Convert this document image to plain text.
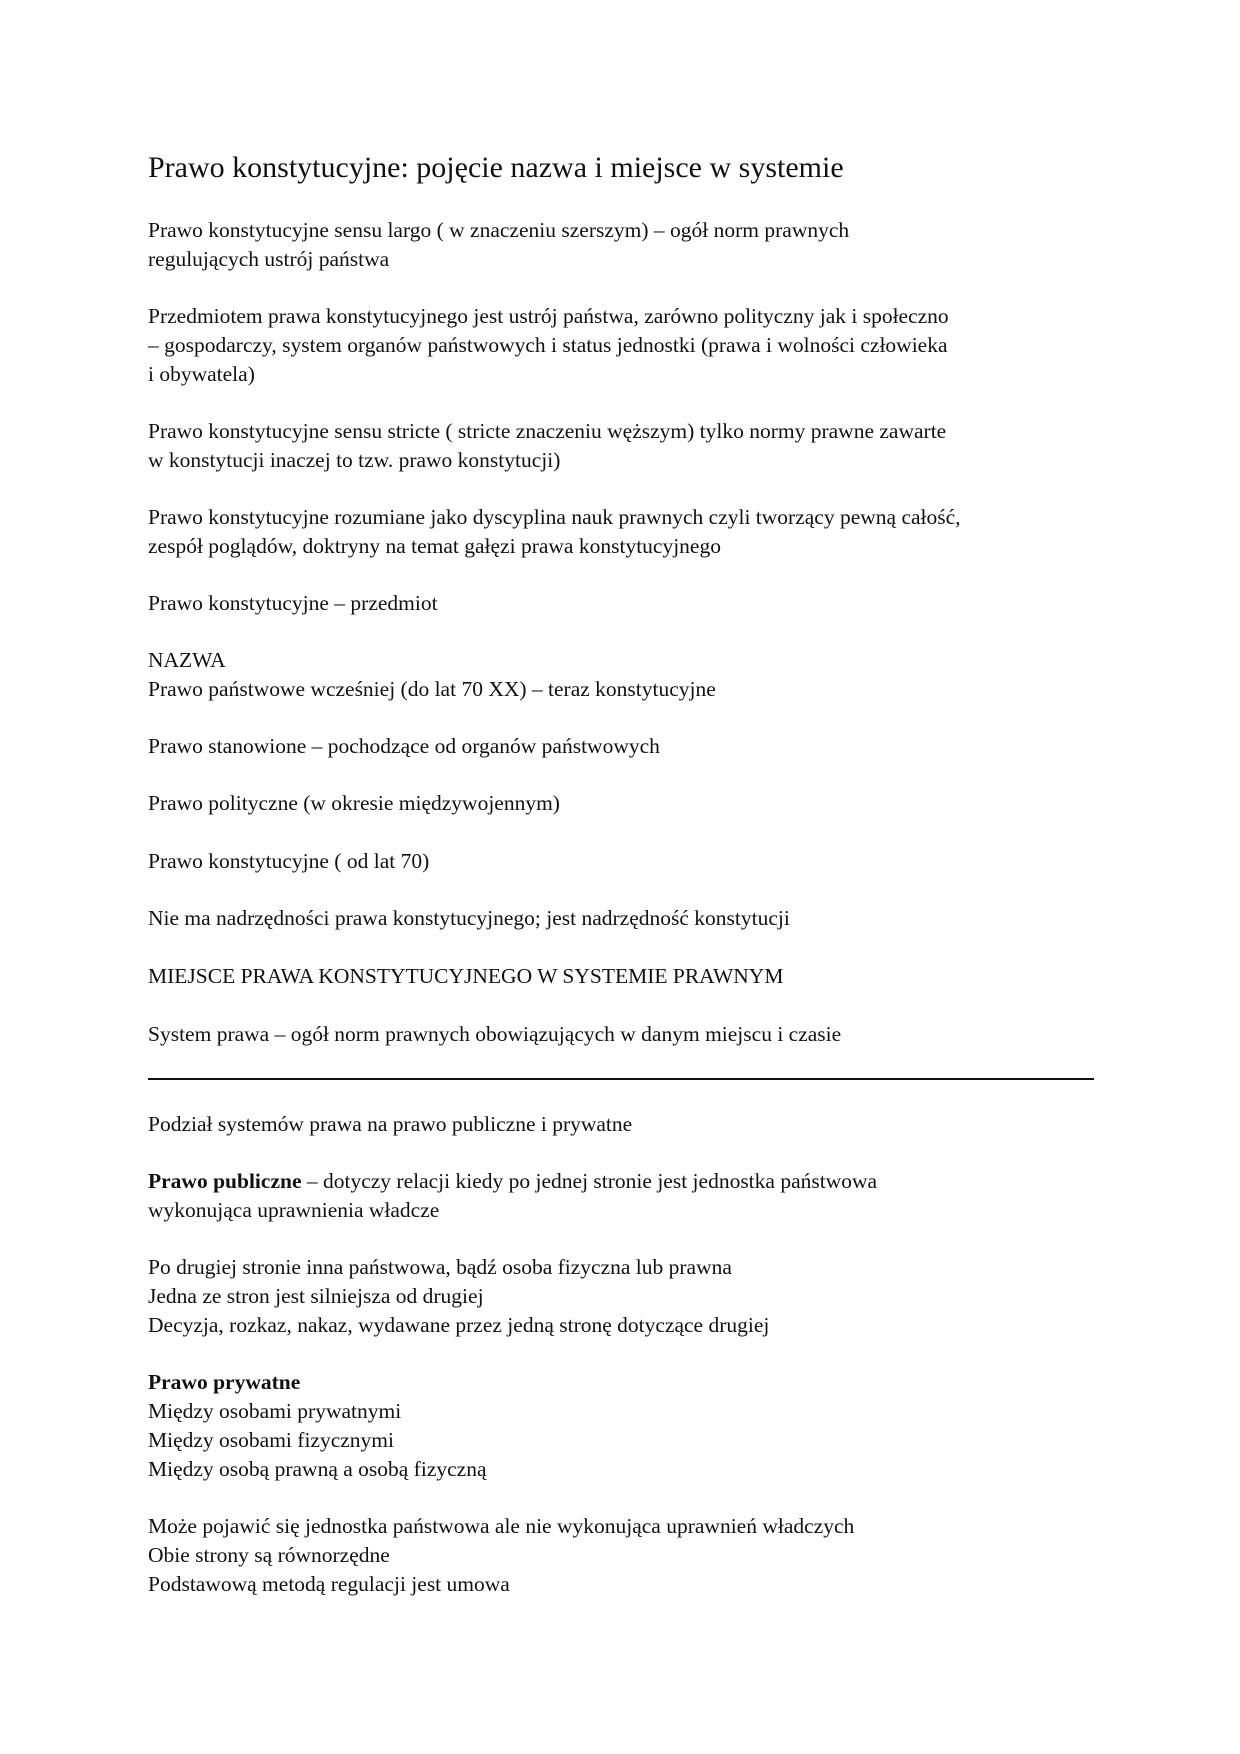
Prawo konstytucyjne: pojęcie nazwa i miejsce w systemie

Prawo konstytucyjne sensu largo ( w znaczeniu szerszym) – ogół norm prawnych
regulujących ustrój państwa

Przedmiotem prawa konstytucyjnego jest ustrój państwa, zarówno polityczny jak i społeczno
– gospodarczy, system organów państwowych i status jednostki (prawa i wolności człowieka
i obywatela)

Prawo konstytucyjne sensu stricte ( stricte znaczeniu węższym) tylko normy prawne zawarte
w konstytucji inaczej to tzw. prawo konstytucji)

Prawo konstytucyjne rozumiane jako dyscyplina nauk prawnych czyli tworzący pewną całość,
zespół poglądów, doktryny na temat gałęzi prawa konstytucyjnego

Prawo konstytucyjne – przedmiot

NAZWA
Prawo państwowe wcześniej (do lat 70 XX) – teraz konstytucyjne

Prawo stanowione – pochodzące od organów państwowych

Prawo polityczne (w okresie międzywojennym)

Prawo konstytucyjne ( od lat 70)

Nie ma nadrzędności prawa konstytucyjnego; jest nadrzędność konstytucji

MIEJSCE PRAWA KONSTYTUCYJNEGO W SYSTEMIE PRAWNYM

System prawa – ogół norm prawnych obowiązujących w danym miejscu i czasie

Podział systemów prawa na prawo publiczne i prywatne

Prawo publiczne – dotyczy relacji kiedy po jednej stronie jest jednostka państwowa
wykonująca uprawnienia władcze

Po drugiej stronie inna państwowa, bądź osoba fizyczna lub prawna
Jedna ze stron jest silniejsza od drugiej
Decyzja, rozkaz, nakaz, wydawane przez jedną stronę dotyczące drugiej

Prawo prywatne
Między osobami prywatnymi
Między osobami fizycznymi
Między osobą prawną a osobą fizyczną

Może pojawić się jednostka państwowa ale nie wykonująca uprawnień władczych
Obie strony są równorzędne
Podstawową metodą regulacji jest umowa
